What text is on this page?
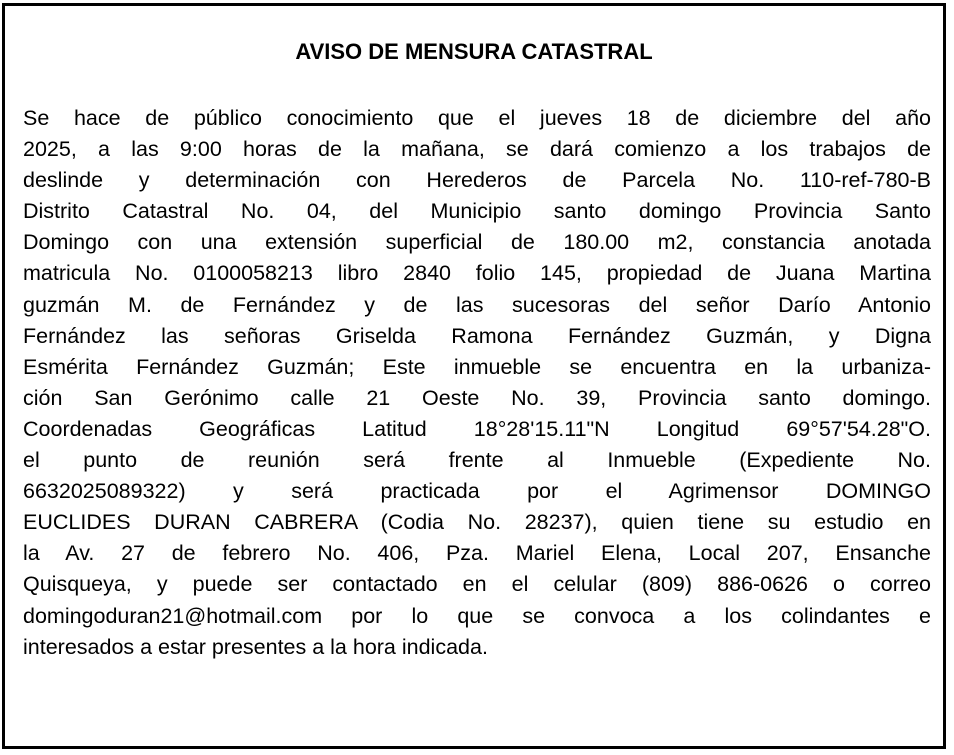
AVISO DE MENSURA CATASTRAL
Se hace de público conocimiento que el jueves 18 de diciembre del año
2025, a las 9:00 horas de la mañana, se dará comienzo a los trabajos de
deslinde y determinación con Herederos de Parcela No. 110-ref-780-B
Distrito Catastral No. 04, del Municipio santo domingo Provincia Santo
Domingo con una extensión superficial de 180.00 m2, constancia anotada
matricula No. 0100058213 libro 2840 folio 145, propiedad de Juana Martina
guzmán M. de Fernández y de las sucesoras del señor Darío Antonio
Fernández las señoras Griselda Ramona Fernández Guzmán, y Digna
Esmérita Fernández Guzmán; Este inmueble se encuentra en la urbaniza-
ción San Gerónimo calle 21 Oeste No. 39, Provincia santo domingo.
Coordenadas Geográficas Latitud 18°28'15.11"N Longitud 69°57'54.28"O.
el punto de reunión será frente al Inmueble (Expediente No.
6632025089322) y será practicada por el Agrimensor DOMINGO
EUCLIDES DURAN CABRERA (Codia No. 28237), quien tiene su estudio en
la Av. 27 de febrero No. 406, Pza. Mariel Elena, Local 207, Ensanche
Quisqueya, y puede ser contactado en el celular (809) 886-0626 o correo
domingoduran21@hotmail.com por lo que se convoca a los colindantes e
interesados a estar presentes a la hora indicada.
